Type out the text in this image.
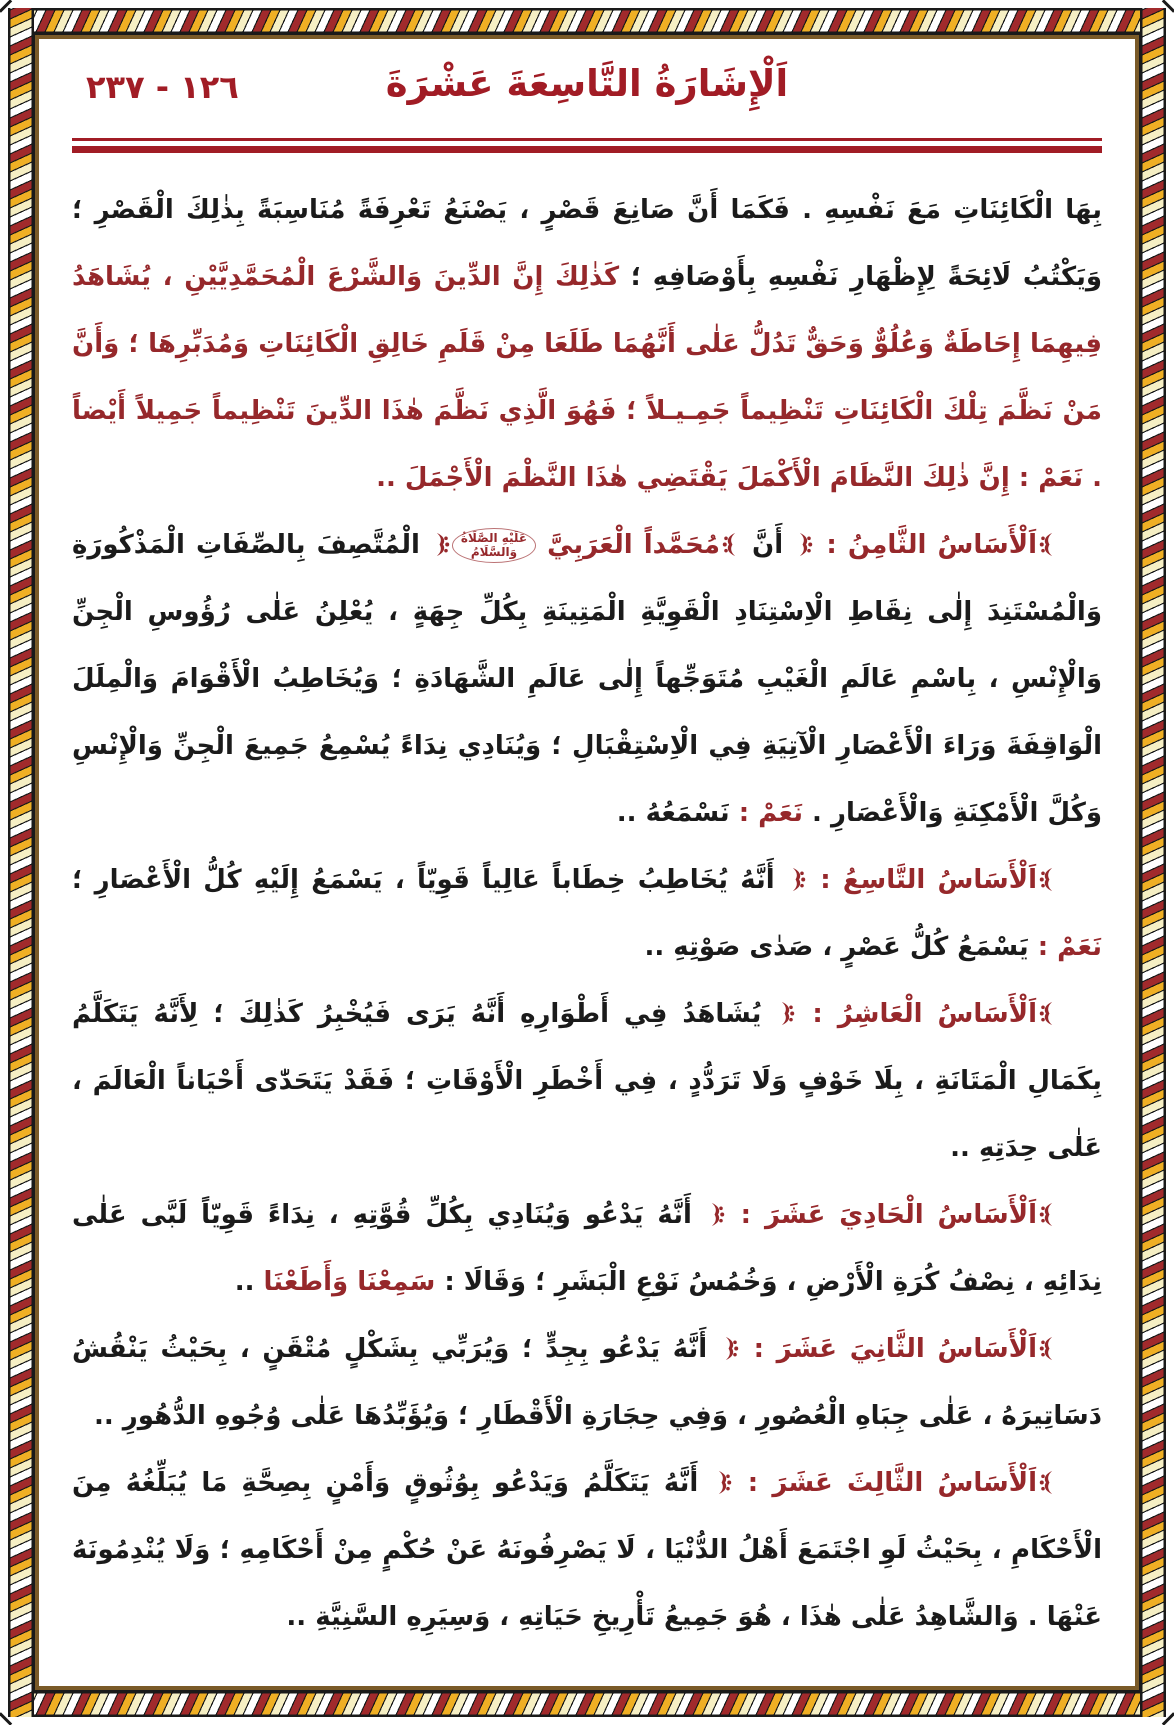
١٢٦ - ٢٣٧	اَلْإِشَارَةُ التَّاسِعَةَ عَشْرَةَ
بِهَا الْكَائِنَاتِ مَعَ نَفْسِهِ . فَكَمَا أَنَّ صَانِعَ قَصْرٍ ، يَصْنَعُ تَعْرِفَةً مُنَاسِبَةً بِذٰلِكَ الْقَصْرِ ؛ وَيَكْتُبُ لَائِحَةً لِإِظْهَارِ نَفْسِهِ بِأَوْصَافِهِ ؛ كَذٰلِكَ إِنَّ الدِّينَ وَالشَّرْعَ الْمُحَمَّدِيَّيْنِ ، يُشَاهَدُ فِيهِمَا إِحَاطَةٌ وَعُلُوٌّ وَحَقٌّ تَدُلُّ عَلٰى أَنَّهُمَا طَلَعَا مِنْ قَلَمِ خَالِقِ الْكَائِنَاتِ وَمُدَبِّرِهَا ؛ وَأَنَّ مَنْ نَظَّمَ تِلْكَ الْكَائِنَاتِ تَنْظِيماً جَمِـيـلاً ؛ فَهُوَ الَّذِي نَظَّمَ هٰذَا الدِّينَ تَنْظِيماً جَمِيلاً أَيْضاً . نَعَمْ : إِنَّ ذٰلِكَ النَّظَامَ الْأَكْمَلَ يَقْتَضِي هٰذَا النَّظْمَ الْأَجْمَلَ ..
اَلْأَسَاسُ الثَّامِنُ :  أَنَّ مُحَمَّداً الْعَرَبِيَّ عَلَيْهِ الصَّلَاةُ وَالسَّلَامُ الْمُتَّصِفَ بِالصِّفَاتِ الْمَذْكُورَةِ وَالْمُسْتَنِدَ إِلٰى نِقَاطِ الْاِسْتِنَادِ الْقَوِيَّةِ الْمَتِينَةِ بِكُلِّ جِهَةٍ ، يُعْلِنُ عَلٰى رُؤُوسِ الْجِنِّ وَالْإِنْسِ ، بِاسْمِ عَالَمِ الْغَيْبِ مُتَوَجِّهاً إِلٰى عَالَمِ الشَّهَادَةِ ؛ وَيُخَاطِبُ الْأَقْوَامَ وَالْمِلَلَ الْوَاقِفَةَ وَرَاءَ الْأَعْصَارِ الْآتِيَةِ فِي الْاِسْتِقْبَالِ ؛ وَيُنَادِي نِدَاءً يُسْمِعُ جَمِيعَ الْجِنِّ وَالْإِنْسِ وَكُلَّ الْأَمْكِنَةِ وَالْأَعْصَارِ . نَعَمْ : نَسْمَعُهُ ..
اَلْأَسَاسُ التَّاسِعُ :  أَنَّهُ يُخَاطِبُ خِطَاباً عَالِياً قَوِيّاً ، يَسْمَعُ إِلَيْهِ كُلُّ الْأَعْصَارِ ؛ نَعَمْ : يَسْمَعُ كُلُّ عَصْرٍ ، صَدٰى صَوْتِهِ ..
اَلْأَسَاسُ الْعَاشِرُ :  يُشَاهَدُ فِي أَطْوَارِهِ أَنَّهُ يَرَى فَيُخْبِرُ كَذٰلِكَ ؛ لِأَنَّهُ يَتَكَلَّمُ بِكَمَالِ الْمَتَانَةِ ، بِلَا خَوْفٍ وَلَا تَرَدُّدٍ ، فِي أَخْطَرِ الْأَوْقَاتِ ؛ فَقَدْ يَتَحَدّٰى أَحْيَاناً الْعَالَمَ ، عَلٰى حِدَتِهِ ..
اَلْأَسَاسُ الْحَادِيَ عَشَرَ :  أَنَّهُ يَدْعُو وَيُنَادِي بِكُلِّ قُوَّتِهِ ، نِدَاءً قَوِيّاً لَبَّى عَلٰى نِدَائِهِ ، نِصْفُ كُرَةِ الْأَرْضِ ، وَخُمُسُ نَوْعِ الْبَشَرِ ؛ وَقَالَا : سَمِعْنَا وَأَطَعْنَا ..
اَلْأَسَاسُ الثَّانِيَ عَشَرَ :  أَنَّهُ يَدْعُو بِجِدٍّ ؛ وَيُرَبِّي بِشَكْلٍ مُتْقَنٍ ، بِحَيْثُ يَنْقُشُ دَسَاتِيرَهُ ، عَلٰى جِبَاهِ الْعُصُورِ ، وَفِي حِجَارَةِ الْأَقْطَارِ ؛ وَيُؤَبِّدُهَا عَلٰى وُجُوهِ الدُّهُورِ ..
اَلْأَسَاسُ الثَّالِثَ عَشَرَ :  أَنَّهُ يَتَكَلَّمُ وَيَدْعُو بِوُثُوقٍ وَأَمْنٍ بِصِحَّةِ مَا يُبَلِّغُهُ مِنَ الْأَحْكَامِ ، بِحَيْثُ لَوِ اجْتَمَعَ أَهْلُ الدُّنْيَا ، لَا يَصْرِفُونَهُ عَنْ حُكْمٍ مِنْ أَحْكَامِهِ ؛ وَلَا يُنْدِمُونَهُ عَنْهَا . وَالشَّاهِدُ عَلٰى هٰذَا ، هُوَ جَمِيعُ تَأْرِيخِ حَيَاتِهِ ، وَسِيَرِهِ السَّنِيَّةِ ..
